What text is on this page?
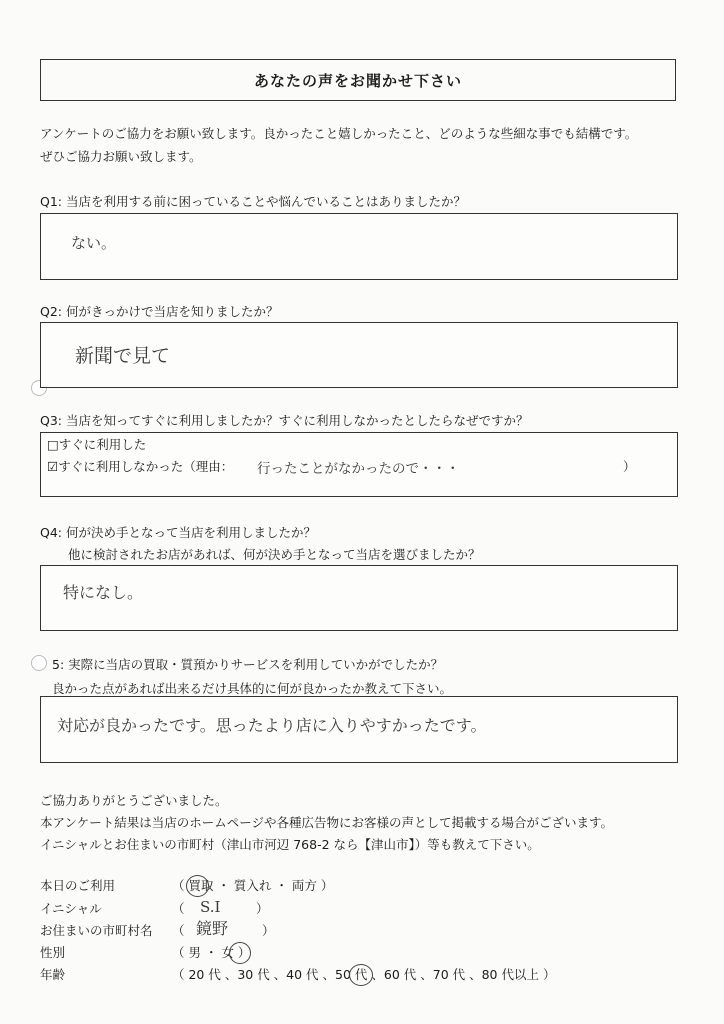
あなたの声をお聞かせ下さい
アンケートのご協力をお願い致します。良かったこと嬉しかったこと、どのような些細な事でも結構です。
ぜひご協力お願い致します。
Q1: 当店を利用する前に困っていることや悩んでいることはありましたか？
ない。
Q2: 何がきっかけで当店を知りましたか？
新聞で見て
Q3: 当店を知ってすぐに利用しましたか？すぐに利用しなかったとしたらなぜですか？
□すぐに利用した
☑すぐに利用しなかった（理由： 行ったことがなかったので・・・	）
Q4: 何が決め手となって当店を利用しましたか？
他に検討されたお店があれば、何が決め手となって当店を選びましたか？
特になし。
5: 実際に当店の買取・質預かりサービスを利用していかがでしたか？
良かった点があれば出来るだけ具体的に何が良かったか教えて下さい。
対応が良かったです。思ったより店に入りやすかったです。
ご協力ありがとうございました。
本アンケート結果は当店のホームページや各種広告物にお客様の声として掲載する場合がございます。
イニシャルとお住まいの市町村（津山市河辺 768-2 なら【津山市】）等も教えて下さい。
本日のご利用	（ 買取 ・ 質入れ ・ 両方 ）
イニシャル	（ S.I	）
お住まいの市町村名 （ 鏡野	）
性別	（ 男 ・ 女 ）
年齢	（ 20 代 、30 代 、40 代 、50 代 、60 代 、70 代 、80 代以上 ）
